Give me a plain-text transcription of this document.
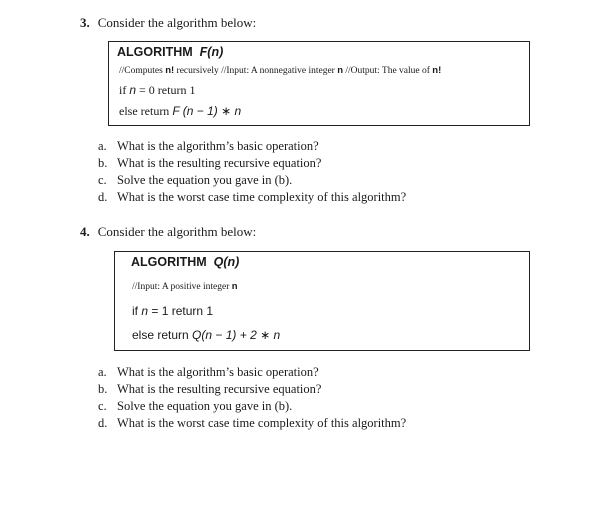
3. Consider the algorithm below:
ALGORITHM F(n)
//Computes n! recursively //Input: A nonnegative integer n //Output: The value of n!
if n = 0 return 1
else return F (n − 1) ∗ n
a. What is the algorithm’s basic operation?
b. What is the resulting recursive equation?
c. Solve the equation you gave in (b).
d. What is the worst case time complexity of this algorithm?
4. Consider the algorithm below:
ALGORITHM Q(n)
//Input: A positive integer n
if n = 1 return 1
else return Q(n − 1) + 2 ∗ n
a. What is the algorithm’s basic operation?
b. What is the resulting recursive equation?
c. Solve the equation you gave in (b).
d. What is the worst case time complexity of this algorithm?
